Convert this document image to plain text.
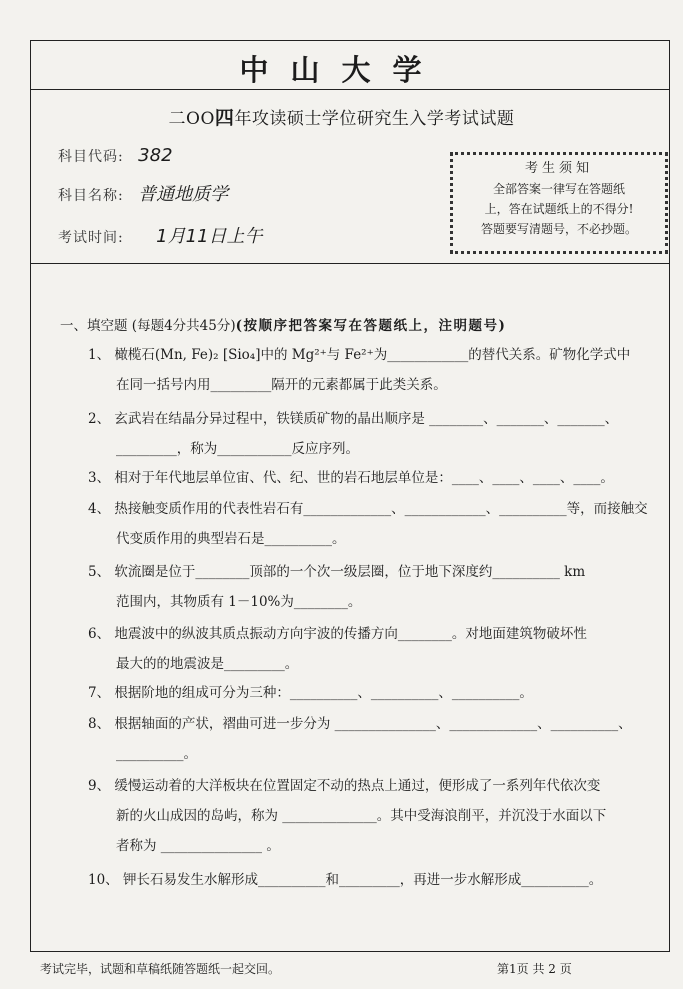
中山大学
二OO四年攻读硕士学位研究生入学考试试题
科目代码: 382
科目名称: 普通地质学
考试时间: 1月11日上午
考生须知
全部答案一律写在答题纸
上，答在试题纸上的不得分!
答题要写清题号，不必抄题。
一、填空题 (每题4分共45分)(按顺序把答案写在答题纸上，注明题号)
1、 橄榄石(Mn, Fe)₂ [Sio₄]中的 Mg²⁺与 Fe²⁺为____________的替代关系。矿物化学式中
在同一括号内用_________隔开的元素都属于此类关系。
2、 玄武岩在结晶分异过程中，铁镁质矿物的晶出顺序是 ________、_______、_______、
_________，称为___________反应序列。
3、 相对于年代地层单位宙、代、纪、世的岩石地层单位是：____、____、____、____。
4、 热接触变质作用的代表性岩石有_____________、____________、__________等，而接触交
代变质作用的典型岩石是__________。
5、 软流圈是位于________顶部的一个次一级层圈，位于地下深度约__________ km
范围内，其物质有 1－10%为________。
6、 地震波中的纵波其质点振动方向宇波的传播方向________。对地面建筑物破坏性
最大的的地震波是_________。
7、 根据阶地的组成可分为三种：__________、__________、__________。
8、 根据轴面的产状，褶曲可进一步分为 _______________、_____________、__________、
__________。
9、 缓慢运动着的大洋板块在位置固定不动的热点上通过，便形成了一系列年代依次变
新的火山成因的岛屿，称为 ______________。其中受海浪削平，并沉没于水面以下
者称为 _______________ 。
10、 钾长石易发生水解形成__________和_________，再进一步水解形成__________。
考试完毕，试题和草稿纸随答题纸一起交回。	第1页 共 2 页
